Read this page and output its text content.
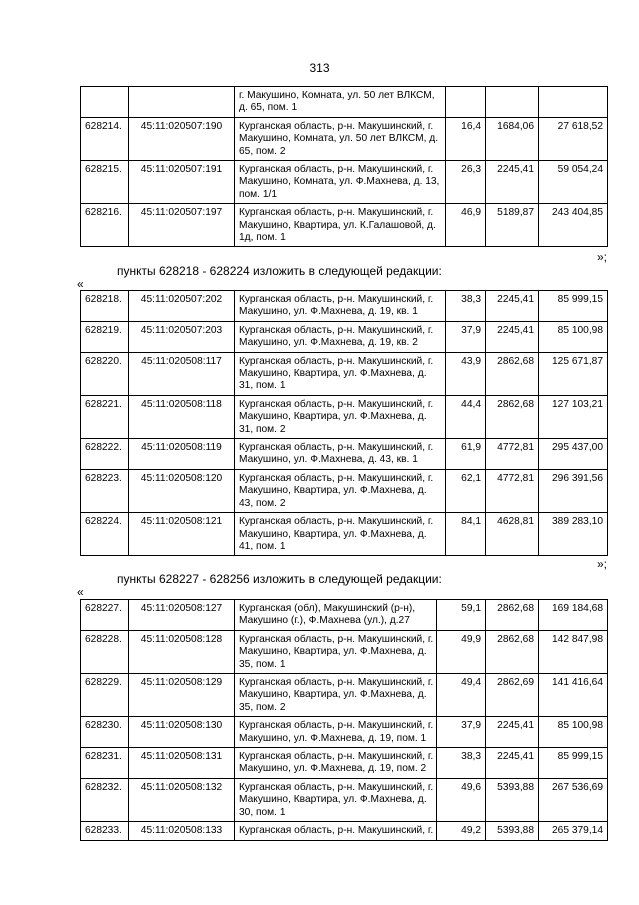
313
		г. Макушино, Комната, ул. 50 лет ВЛКСМ, д. 65, пом. 1			
628214.	45:11:020507:190	Курганская область, р-н. Макушинский, г. Макушино, Комната, ул. 50 лет ВЛКСМ, д. 65, пом. 2	16,4	1684,06	27 618,52
628215.	45:11:020507:191	Курганская область, р-н. Макушинский, г. Макушино, Комната, ул. Ф.Махнева, д. 13, пом. 1/1	26,3	2245,41	59 054,24
628216.	45:11:020507:197	Курганская область, р-н. Макушинский, г. Макушино, Квартира, ул. К.Галашовой, д. 1д, пом. 1	46,9	5189,87	243 404,85
»;
пункты 628218 - 628224 изложить в следующей редакции:
«
628218.	45:11:020507:202	Курганская область, р-н. Макушинский, г. Макушино, ул. Ф.Махнева, д. 19, кв. 1	38,3	2245,41	85 999,15
628219.	45:11:020507:203	Курганская область, р-н. Макушинский, г. Макушино, ул. Ф.Махнева, д. 19, кв. 2	37,9	2245,41	85 100,98
628220.	45:11:020508:117	Курганская область, р-н. Макушинский, г. Макушино, Квартира, ул. Ф.Махнева, д. 31, пом. 1	43,9	2862,68	125 671,87
628221.	45:11:020508:118	Курганская область, р-н. Макушинский, г. Макушино, Квартира, ул. Ф.Махнева, д. 31, пом. 2	44,4	2862,68	127 103,21
628222.	45:11:020508:119	Курганская область, р-н. Макушинский, г. Макушино, ул. Ф.Махнева, д. 43, кв. 1	61,9	4772,81	295 437,00
628223.	45:11:020508:120	Курганская область, р-н. Макушинский, г. Макушино, Квартира, ул. Ф.Махнева, д. 43, пом. 2	62,1	4772,81	296 391,56
628224.	45:11:020508:121	Курганская область, р-н. Макушинский, г. Макушино, Квартира, ул. Ф.Махнева, д. 41, пом. 1	84,1	4628,81	389 283,10
»;
пункты 628227 - 628256 изложить в следующей редакции:
«
628227.	45:11:020508:127	Курганская (обл), Макушинский (р-н), Макушино (г.), Ф.Махнева (ул.), д.27	59,1	2862,68	169 184,68
628228.	45:11:020508:128	Курганская область, р-н. Макушинский, г. Макушино, Квартира, ул. Ф.Махнева, д. 35, пом. 1	49,9	2862,68	142 847,98
628229.	45:11:020508:129	Курганская область, р-н. Макушинский, г. Макушино, Квартира, ул. Ф.Махнева, д. 35, пом. 2	49,4	2862,69	141 416,64
628230.	45:11:020508:130	Курганская область, р-н. Макушинский, г. Макушино, ул. Ф.Махнева, д. 19, пом. 1	37,9	2245,41	85 100,98
628231.	45:11:020508:131	Курганская область, р-н. Макушинский, г. Макушино, ул. Ф.Махнева, д. 19, пом. 2	38,3	2245,41	85 999,15
628232.	45:11:020508:132	Курганская область, р-н. Макушинский, г. Макушино, Квартира, ул. Ф.Махнева, д. 30, пом. 1	49,6	5393,88	267 536,69
628233.	45:11:020508:133	Курганская область, р-н. Макушинский, г.	49,2	5393,88	265 379,14
